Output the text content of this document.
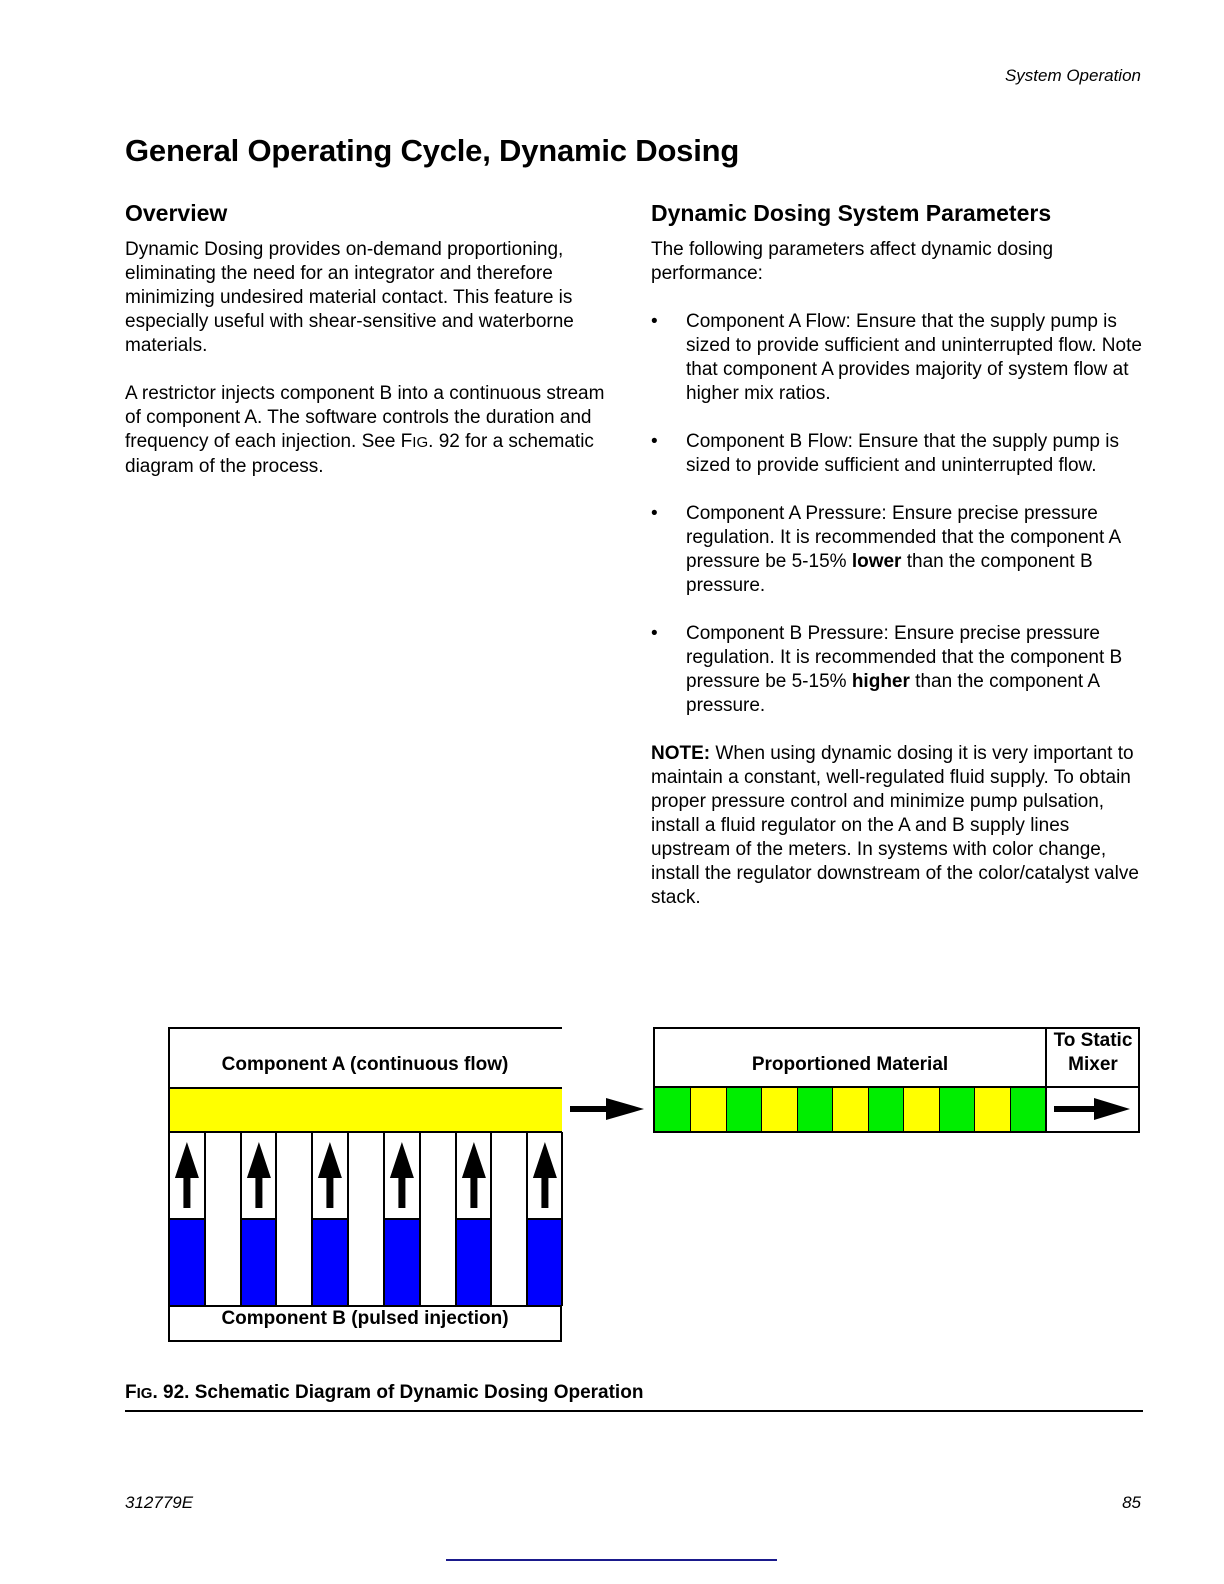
System Operation
General Operating Cycle, Dynamic Dosing
Overview

Dynamic Dosing provides on-demand proportioning, eliminating the need for an integrator and therefore minimizing undesired material contact. This feature is especially useful with shear-sensitive and waterborne materials.

A restrictor injects component B into a continuous stream of component A. The software controls the duration and frequency of each injection. See FIG. 92 for a schematic diagram of the process.

Dynamic Dosing System Parameters

The following parameters affect dynamic dosing performance:

• Component A Flow: Ensure that the supply pump is sized to provide sufficient and uninterrupted flow. Note that component A provides majority of system flow at higher mix ratios.
• Component B Flow: Ensure that the supply pump is sized to provide sufficient and uninterrupted flow.
• Component A Pressure: Ensure precise pressure regulation. It is recommended that the component A pressure be 5-15% lower than the component B pressure.
• Component B Pressure: Ensure precise pressure regulation. It is recommended that the component B pressure be 5-15% higher than the component A pressure.

NOTE: When using dynamic dosing it is very important to maintain a constant, well-regulated fluid supply. To obtain proper pressure control and minimize pump pulsation, install a fluid regulator on the A and B supply lines upstream of the meters. In systems with color change, install the regulator downstream of the color/catalyst valve stack.

Component A (continuous flow)
Component B (pulsed injection)
Proportioned Material
To Static
Mixer
FIG. 92. Schematic Diagram of Dynamic Dosing Operation
312779E	85
